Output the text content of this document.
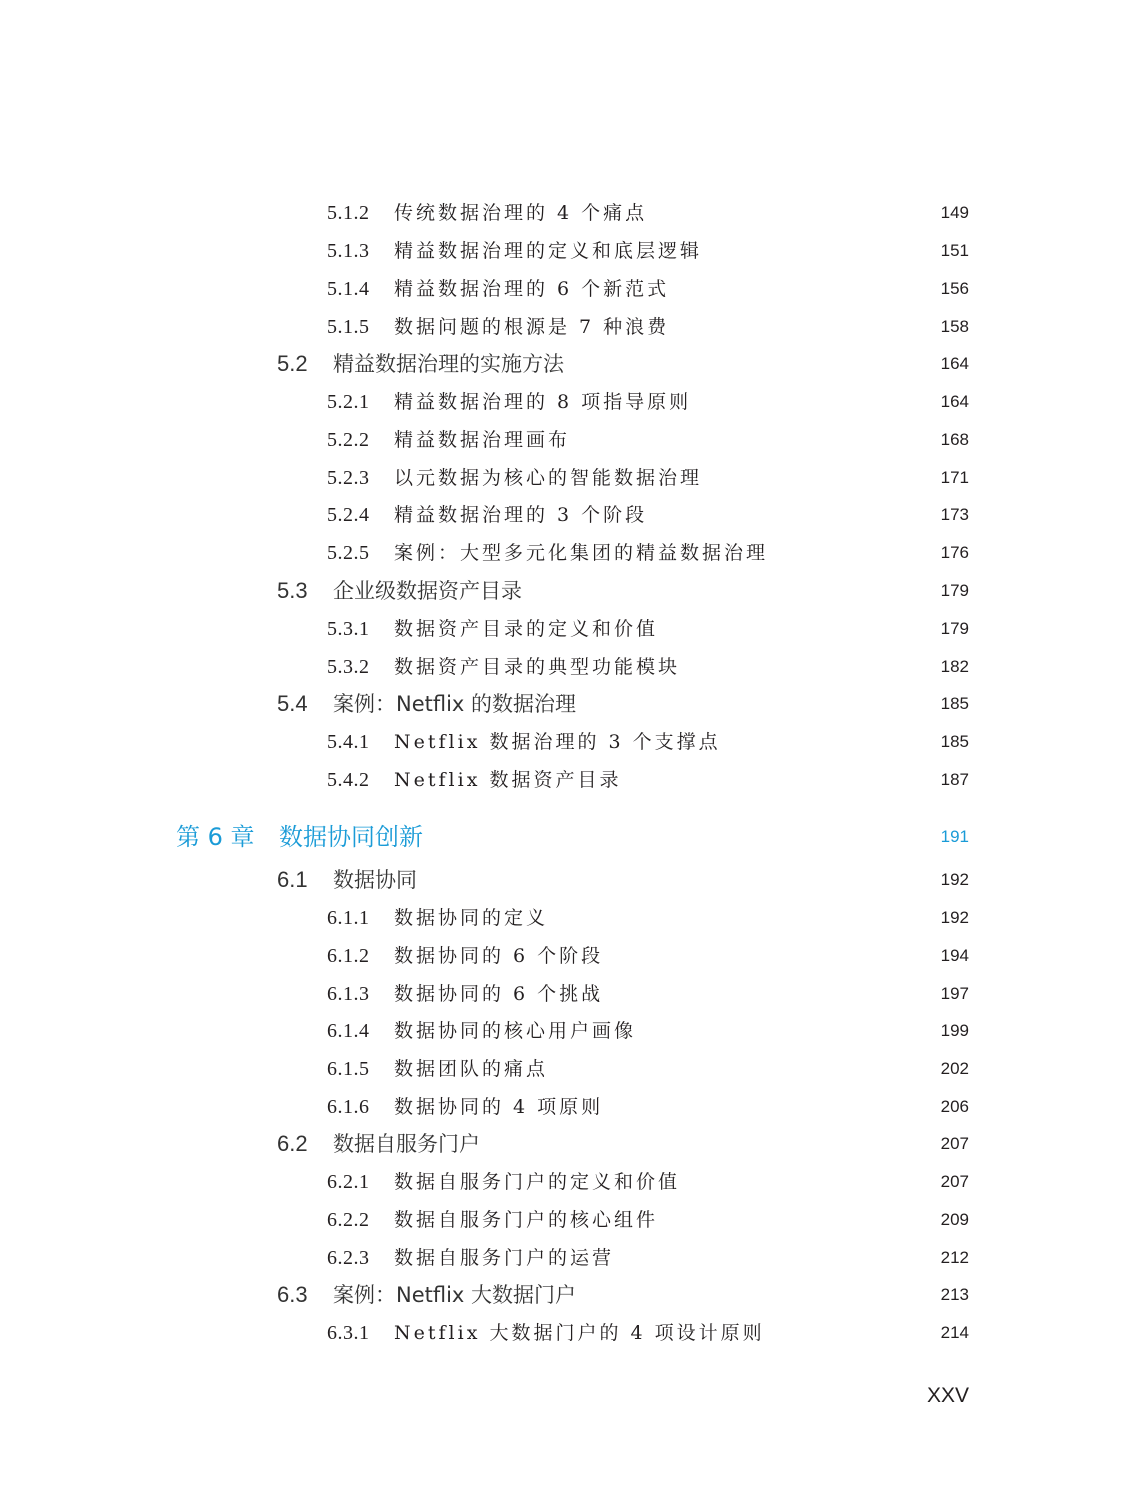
5.1.2 传统数据治理的 4 个痛点	149
5.1.3 精益数据治理的定义和底层逻辑	151
5.1.4 精益数据治理的 6 个新范式	156
5.1.5 数据问题的根源是 7 种浪费	158
5.2 精益数据治理的实施方法	164
5.2.1 精益数据治理的 8 项指导原则	164
5.2.2 精益数据治理画布	168
5.2.3 以元数据为核心的智能数据治理	171
5.2.4 精益数据治理的 3 个阶段	173
5.2.5 案例：大型多元化集团的精益数据治理	176
5.3 企业级数据资产目录	179
5.3.1 数据资产目录的定义和价值	179
5.3.2 数据资产目录的典型功能模块	182
5.4 案例：Netflix 的数据治理	185
5.4.1 Netflix 数据治理的 3 个支撑点	185
5.4.2 Netflix 数据资产目录	187
第 6 章 数据协同创新	191
6.1 数据协同	192
6.1.1 数据协同的定义	192
6.1.2 数据协同的 6 个阶段	194
6.1.3 数据协同的 6 个挑战	197
6.1.4 数据协同的核心用户画像	199
6.1.5 数据团队的痛点	202
6.1.6 数据协同的 4 项原则	206
6.2 数据自服务门户	207
6.2.1 数据自服务门户的定义和价值	207
6.2.2 数据自服务门户的核心组件	209
6.2.3 数据自服务门户的运营	212
6.3 案例：Netflix 大数据门户	213
6.3.1 Netflix 大数据门户的 4 项设计原则	214
XXV
